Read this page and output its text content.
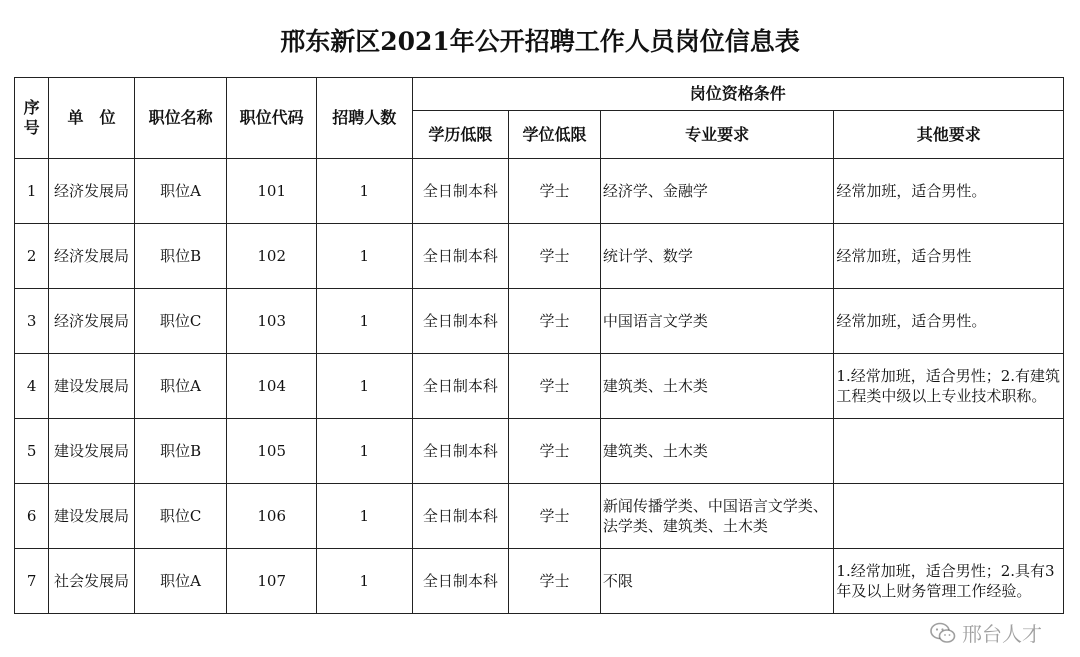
邢东新区2021年公开招聘工作人员岗位信息表
序号	单　位	职位名称	职位代码	招聘人数	岗位资格条件			
					学历低限	学位低限	专业要求	其他要求
1	经济发展局	职位A	101	1	全日制本科	学士	经济学、金融学	经常加班，适合男性。
2	经济发展局	职位B	102	1	全日制本科	学士	统计学、数学	经常加班，适合男性
3	经济发展局	职位C	103	1	全日制本科	学士	中国语言文学类	经常加班，适合男性。
4	建设发展局	职位A	104	1	全日制本科	学士	建筑类、土木类	1.经常加班，适合男性；2.有建筑工程类中级以上专业技术职称。
5	建设发展局	职位B	105	1	全日制本科	学士	建筑类、土木类	
6	建设发展局	职位C	106	1	全日制本科	学士	新闻传播学类、中国语言文学类、法学类、建筑类、土木类	
7	社会发展局	职位A	107	1	全日制本科	学士	不限	1.经常加班，适合男性；2.具有3年及以上财务管理工作经验。
邢台人才
